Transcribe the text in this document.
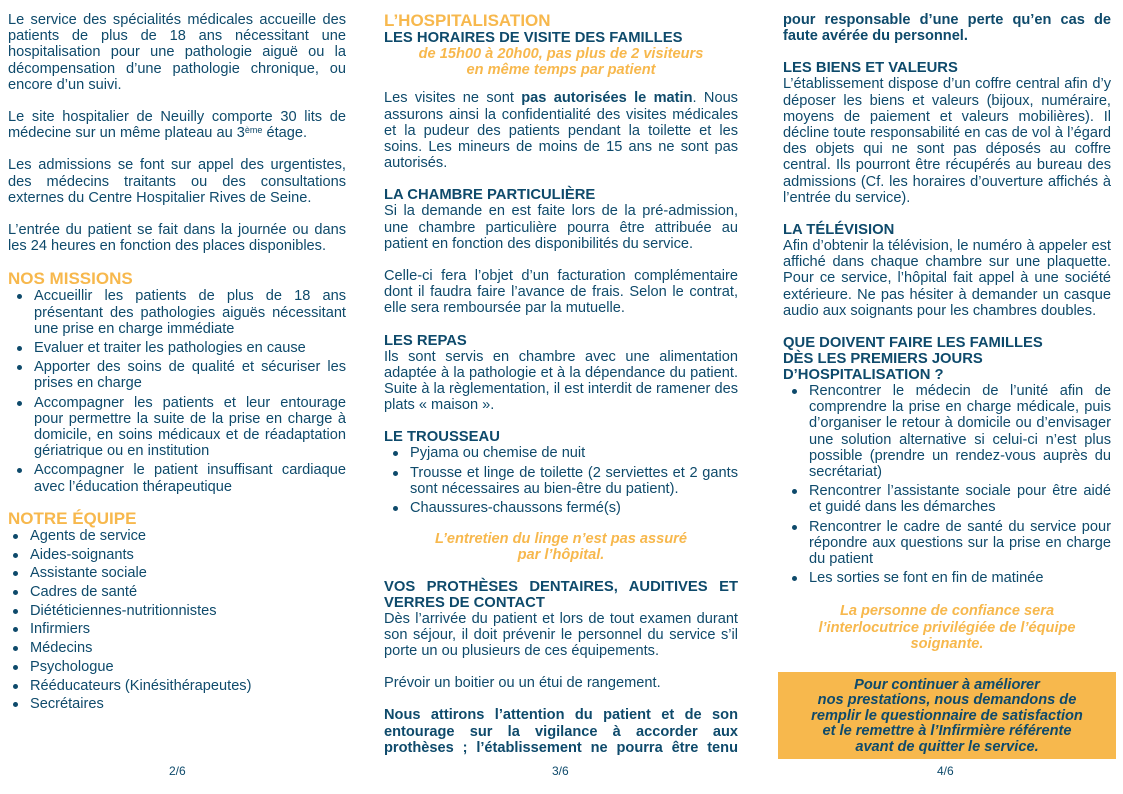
Le service des spécialités médicales accueille des patients de plus de 18 ans nécessitant une hospitalisation pour une pathologie aiguë ou la décompensation d’une pathologie chronique, ou encore d’un suivi.

Le site hospitalier de Neuilly comporte 30 lits de médecine sur un même plateau au 3ème étage.

Les admissions se font sur appel des urgentistes, des médecins traitants ou des consultations externes du Centre Hospitalier Rives de Seine.

L’entrée du patient se fait dans la journée ou dans les 24 heures en fonction des places disponibles.

NOS MISSIONS
Accueillir les patients de plus de 18 ans présentant des pathologies aiguës nécessitant une prise en charge immédiate
Evaluer et traiter les pathologies en cause
Apporter des soins de qualité et sécuriser les prises en charge
Accompagner les patients et leur entourage pour permettre la suite de la prise en charge à domicile, en soins médicaux et de réadaptation gériatrique ou en institution
Accompagner le patient insuffisant cardiaque avec l’éducation thérapeutique
NOTRE ÉQUIPE
Agents de service
Aides-soignants
Assistante sociale
Cadres de santé
Diététiciennes-nutritionnistes
Infirmiers
Médecins
Psychologue
Rééducateurs (Kinésithérapeutes)
Secrétaires
2/6
L’HOSPITALISATION
LES HORAIRES DE VISITE DES FAMILLES
de 15h00 à 20h00, pas plus de 2 visiteurs
en même temps par patient

Les visites ne sont pas autorisées le matin. Nous assurons ainsi la confidentialité des visites médicales et la pudeur des patients pendant la toilette et les soins. Les mineurs de moins de 15 ans ne sont pas autorisés.

LA CHAMBRE PARTICULIÈRE

Si la demande en est faite lors de la pré-admission, une chambre particulière pourra être attribuée au patient en fonction des disponibilités du service.

Celle-ci fera l’objet d’un facturation complémentaire dont il faudra faire l’avance de frais. Selon le contrat, elle sera remboursée par la mutuelle.

LES REPAS

Ils sont servis en chambre avec une alimentation adaptée à la pathologie et à la dépendance du patient. Suite à la règlementation, il est interdit de ramener des plats « maison ».

LE TROUSSEAU
Pyjama ou chemise de nuit
Trousse et linge de toilette (2 serviettes et 2 gants sont nécessaires au bien-être du patient).
Chaussures-chaussons fermé(s)
L’entretien du linge n’est pas assuré
par l’hôpital.
VOS PROTHÈSES DENTAIRES, AUDITIVES ET VERRES DE CONTACT

Dès l’arrivée du patient et lors de tout examen durant son séjour, il doit prévenir le personnel du service s’il porte un ou plusieurs de ces équipements.

Prévoir un boitier ou un étui de rangement.

Nous attirons l’attention du patient et de son entourage sur la vigilance à accorder aux prothèses ; l’établissement ne pourra être tenu

3/6

pour responsable d’une perte qu’en cas de faute avérée du personnel.

LES BIENS ET VALEURS

L’établissement dispose d’un coffre central afin d’y déposer les biens et valeurs (bijoux, numéraire, moyens de paiement et valeurs mobilières). Il décline toute responsabilité en cas de vol à l’égard des objets qui ne sont pas déposés au coffre central. Ils pourront être récupérés au bureau des admissions (Cf. les horaires d’ouverture affichés à l’entrée du service).

LA TÉLÉVISION

Afin d’obtenir la télévision, le numéro à appeler est affiché dans chaque chambre sur une plaquette. Pour ce service, l’hôpital fait appel à une société extérieure. Ne pas hésiter à demander un casque audio aux soignants pour les chambres doubles.

QUE DOIVENT FAIRE LES FAMILLES
DÈS LES PREMIERS JOURS
D’HOSPITALISATION ?
Rencontrer le médecin de l’unité afin de comprendre la prise en charge médicale, puis d’organiser le retour à domicile ou d’envisager une solution alternative si celui-ci n’est plus possible (prendre un rendez-vous auprès du secrétariat)
Rencontrer l’assistante sociale pour être aidé et guidé dans les démarches
Rencontrer le cadre de santé du service pour répondre aux questions sur la prise en charge du patient
Les sorties se font en fin de matinée
La personne de confiance sera
l’interlocutrice privilégiée de l’équipe
soignante.
Pour continuer à améliorer
nos prestations, nous demandons de
remplir le questionnaire de satisfaction
et le remettre à l’Infirmière référente
avant de quitter le service.
4/6
